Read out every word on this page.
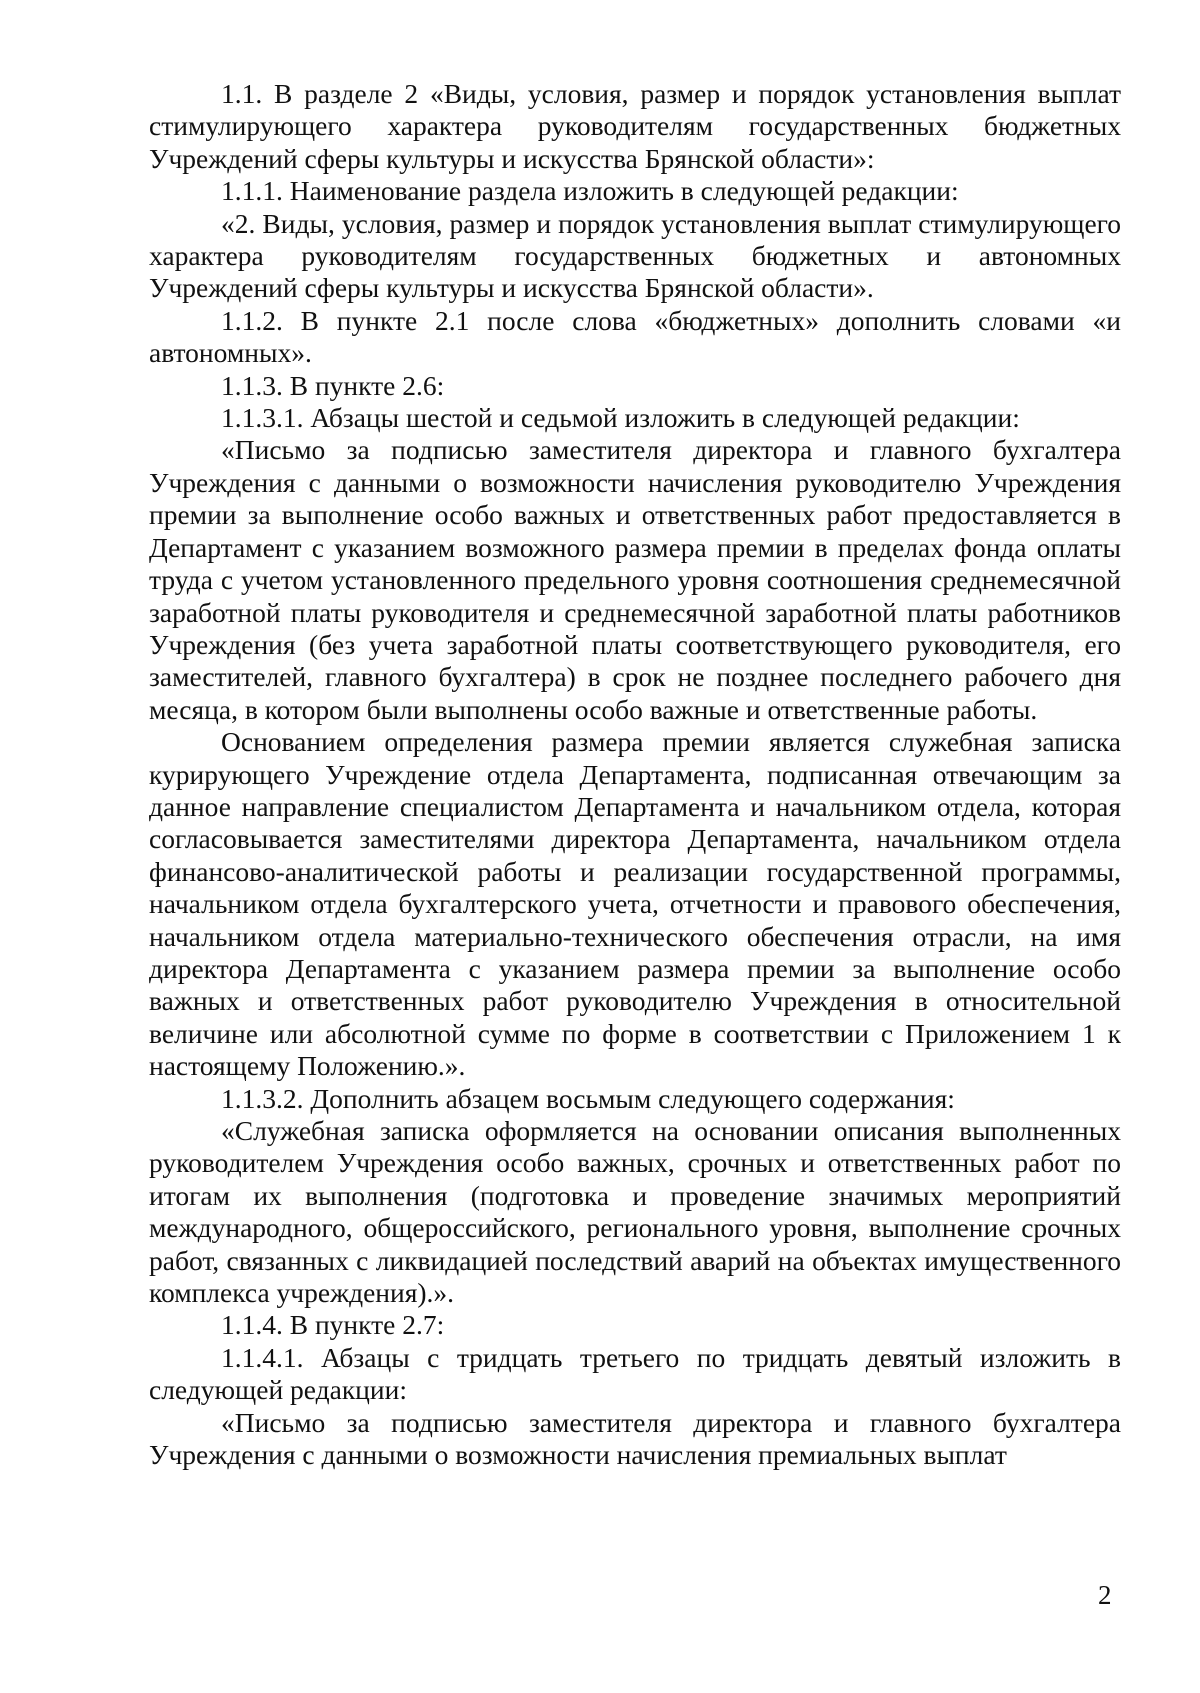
1.1. В разделе 2 «Виды, условия, размер и порядок установления выплат стимулирующего характера руководителям государственных бюджетных Учреждений сферы культуры и искусства Брянской области»:

1.1.1. Наименование раздела изложить в следующей редакции:

«2. Виды, условия, размер и порядок установления выплат стимулирующего характера руководителям государственных бюджетных и автономных Учреждений сферы культуры и искусства Брянской области».

1.1.2. В пункте 2.1 после слова «бюджетных» дополнить словами «и автономных».

1.1.3. В пункте 2.6:

1.1.3.1. Абзацы шестой и седьмой изложить в следующей редакции:

«Письмо за подписью заместителя директора и главного бухгалтера Учреждения с данными о возможности начисления руководителю Учреждения премии за выполнение особо важных и ответственных работ предоставляется в Департамент с указанием возможного размера премии в пределах фонда оплаты труда с учетом установленного предельного уровня соотношения среднемесячной заработной платы руководителя и среднемесячной заработной платы работников Учреждения (без учета заработной платы соответствующего руководителя, его заместителей, главного бухгалтера) в срок не позднее последнего рабочего дня месяца, в котором были выполнены особо важные и ответственные работы.

Основанием определения размера премии является служебная записка курирующего Учреждение отдела Департамента, подписанная отвечающим за данное направление специалистом Департамента и начальником отдела, которая согласовывается заместителями директора Департамента, начальником отдела финансово-аналитической работы и реализации государственной программы, начальником отдела бухгалтерского учета, отчетности и правового обеспечения, начальником отдела материально-технического обеспечения отрасли, на имя директора Департамента с указанием размера премии за выполнение особо важных и ответственных работ руководителю Учреждения в относительной величине или абсолютной сумме по форме в соответствии с Приложением 1 к настоящему Положению.».

1.1.3.2. Дополнить абзацем восьмым следующего содержания:

«Служебная записка оформляется на основании описания выполненных руководителем Учреждения особо важных, срочных и ответственных работ по итогам их выполнения (подготовка и проведение значимых мероприятий международного, общероссийского, регионального уровня, выполнение срочных работ, связанных с ликвидацией последствий аварий на объектах имущественного комплекса учреждения).».

1.1.4. В пункте 2.7:

1.1.4.1. Абзацы с тридцать третьего по тридцать девятый изложить в следующей редакции:

«Письмо за подписью заместителя директора и главного бухгалтера Учреждения с данными о возможности начисления премиальных выплат

2
